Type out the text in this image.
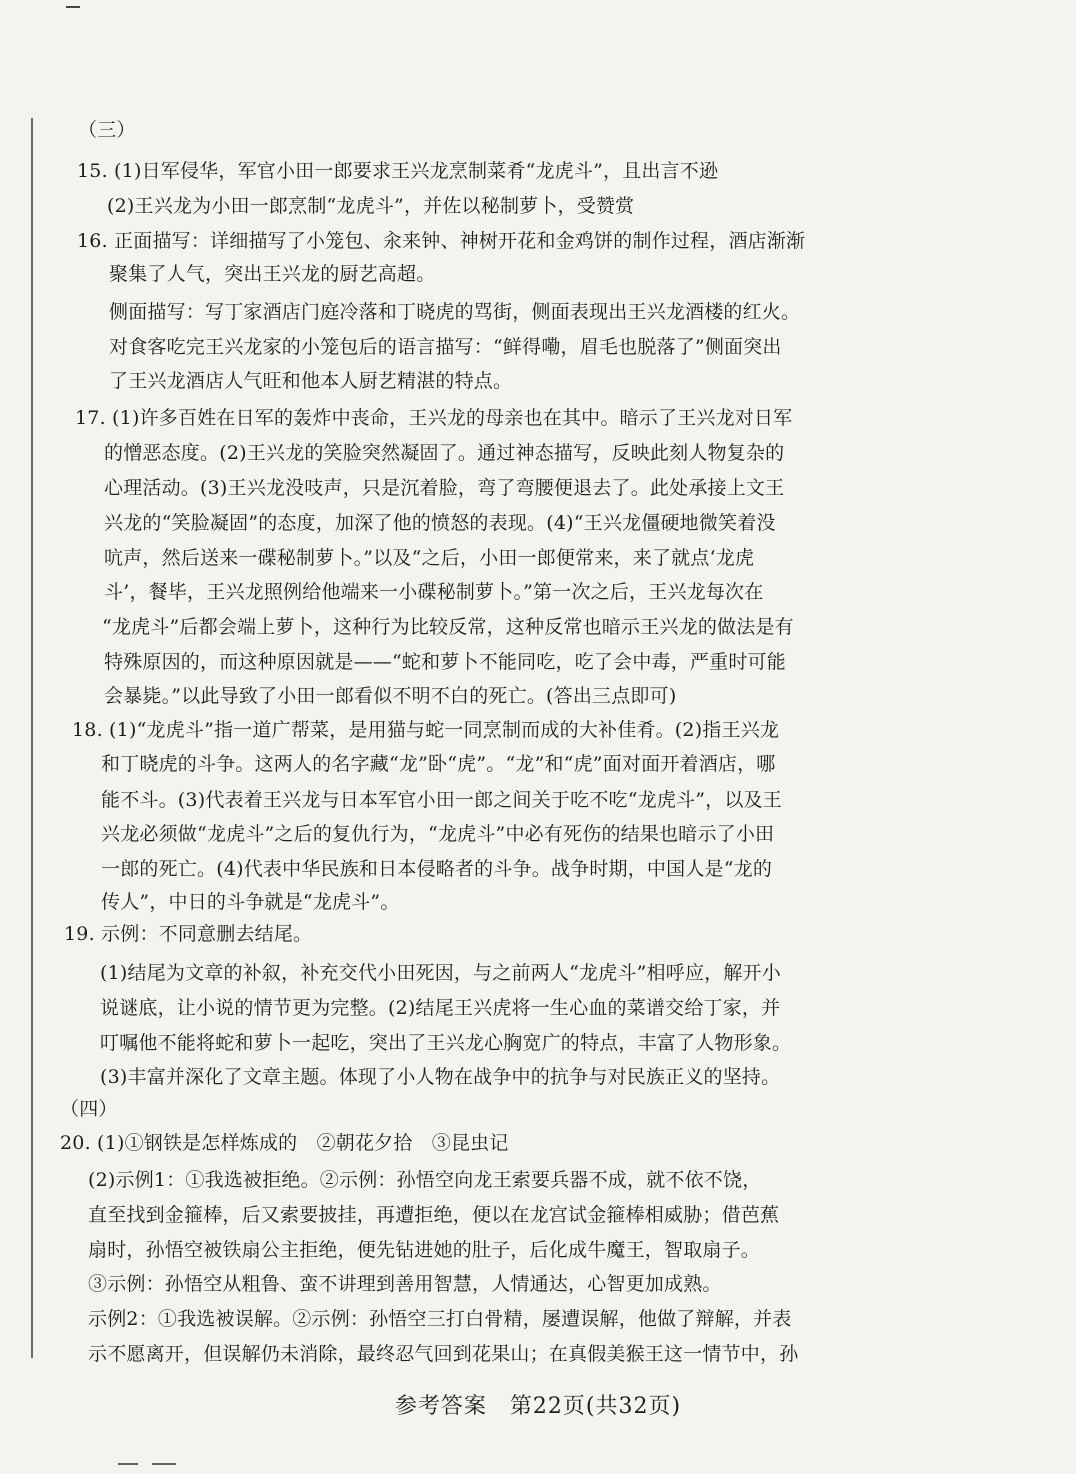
（三）
15. (1)日军侵华，军官小田一郎要求王兴龙烹制菜肴“龙虎斗”，且出言不逊
(2)王兴龙为小田一郎烹制“龙虎斗”，并佐以秘制萝卜，受赞赏
16. 正面描写：详细描写了小笼包、汆来钟、神树开花和金鸡饼的制作过程，酒店渐渐
聚集了人气，突出王兴龙的厨艺高超。
侧面描写：写丁家酒店门庭冷落和丁晓虎的骂街，侧面表现出王兴龙酒楼的红火。
对食客吃完王兴龙家的小笼包后的语言描写：“鲜得嘞，眉毛也脱落了”侧面突出
了王兴龙酒店人气旺和他本人厨艺精湛的特点。
17. (1)许多百姓在日军的轰炸中丧命，王兴龙的母亲也在其中。暗示了王兴龙对日军
的憎恶态度。(2)王兴龙的笑脸突然凝固了。通过神态描写，反映此刻人物复杂的
心理活动。(3)王兴龙没吱声，只是沉着脸，弯了弯腰便退去了。此处承接上文王
兴龙的“笑脸凝固”的态度，加深了他的愤怒的表现。(4)“王兴龙僵硬地微笑着没
吭声，然后送来一碟秘制萝卜。”以及“之后，小田一郎便常来，来了就点‘龙虎
斗’，餐毕，王兴龙照例给他端来一小碟秘制萝卜。”第一次之后，王兴龙每次在
“龙虎斗”后都会端上萝卜，这种行为比较反常，这种反常也暗示王兴龙的做法是有
特殊原因的，而这种原因就是——“蛇和萝卜不能同吃，吃了会中毒，严重时可能
会暴毙。”以此导致了小田一郎看似不明不白的死亡。(答出三点即可)
18. (1)“龙虎斗”指一道广帮菜，是用猫与蛇一同烹制而成的大补佳肴。(2)指王兴龙
和丁晓虎的斗争。这两人的名字藏“龙”卧“虎”。“龙”和“虎”面对面开着酒店，哪
能不斗。(3)代表着王兴龙与日本军官小田一郎之间关于吃不吃“龙虎斗”，以及王
兴龙必须做“龙虎斗”之后的复仇行为，“龙虎斗”中必有死伤的结果也暗示了小田
一郎的死亡。(4)代表中华民族和日本侵略者的斗争。战争时期，中国人是“龙的
传人”，中日的斗争就是“龙虎斗”。
19. 示例：不同意删去结尾。
(1)结尾为文章的补叙，补充交代小田死因，与之前两人“龙虎斗”相呼应，解开小
说谜底，让小说的情节更为完整。(2)结尾王兴虎将一生心血的菜谱交给丁家，并
叮嘱他不能将蛇和萝卜一起吃，突出了王兴龙心胸宽广的特点，丰富了人物形象。
(3)丰富并深化了文章主题。体现了小人物在战争中的抗争与对民族正义的坚持。
（四）
20. (1)①钢铁是怎样炼成的　②朝花夕拾　③昆虫记
(2)示例1：①我选被拒绝。②示例：孙悟空向龙王索要兵器不成，就不依不饶，
直至找到金箍棒，后又索要披挂，再遭拒绝，便以在龙宫试金箍棒相威胁；借芭蕉
扇时，孙悟空被铁扇公主拒绝，便先钻进她的肚子，后化成牛魔王，智取扇子。
③示例：孙悟空从粗鲁、蛮不讲理到善用智慧，人情通达，心智更加成熟。
示例2：①我选被误解。②示例：孙悟空三打白骨精，屡遭误解，他做了辩解，并表
示不愿离开，但误解仍未消除，最终忍气回到花果山；在真假美猴王这一情节中，孙
参考答案　第22页(共32页)
